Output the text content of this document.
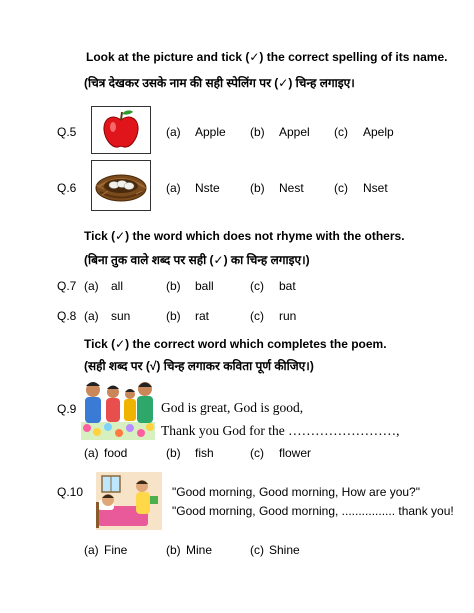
Look at the picture and tick (✓) the correct spelling of its name.
(चित्र देखकर उसके नाम की सही स्पेलिंग पर (✓) चिन्ह लगाइए।
Q.5	(a) Apple (b) Appel (c) Apelp
Q.6	(a) Nste	(b) Nest	(c) Nset
Tick (✓) the word which does not rhyme with the others.
(बिना तुक वाले शब्द पर सही (✓) का चिन्ह लगाइए।)
Q.7 (a) all	(b) ball	(c) bat
Q.8 (a) sun	(b) rat	(c) run
Tick (✓) the correct word which completes the poem.
(सही शब्द पर (√) चिन्ह लगाकर कविता पूर्ण कीजिए।)
Q.9	God is great, God is good,
Thank you God for the ……………………,
(a) food	(b) fish	(c) flower
Q.10	"Good morning, Good morning, How are you?"
"Good morning, Good morning, ................ thank you!
(a) Fine	(b) Mine	(c) Shine
